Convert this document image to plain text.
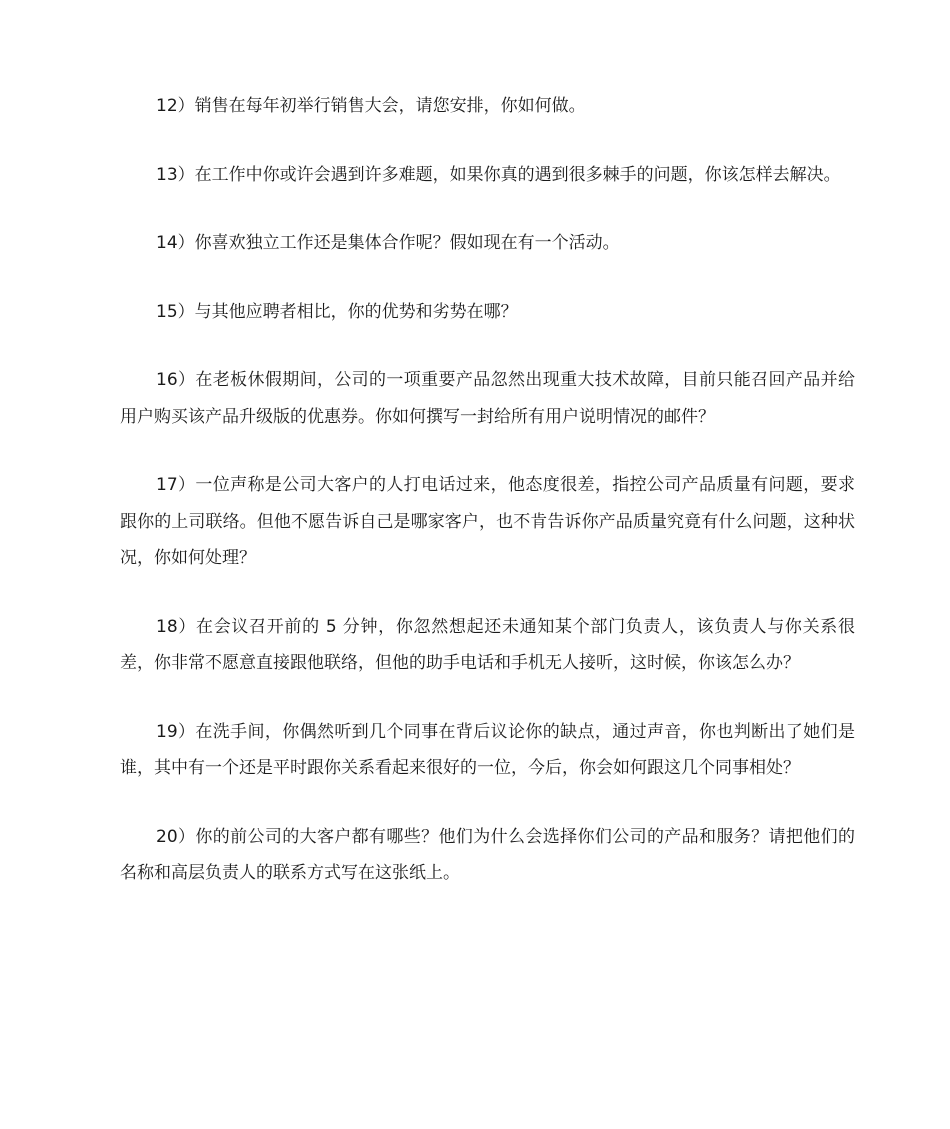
12）销售在每年初举行销售大会，请您安排，你如何做。

13）在工作中你或许会遇到许多难题，如果你真的遇到很多棘手的问题，你该怎样去解决。

14）你喜欢独立工作还是集体合作呢？假如现在有一个活动。

15）与其他应聘者相比，你的优势和劣势在哪？

16）在老板休假期间，公司的一项重要产品忽然出现重大技术故障，目前只能召回产品并给用户购买该产品升级版的优惠券。你如何撰写一封给所有用户说明情况的邮件？

17）一位声称是公司大客户的人打电话过来，他态度很差，指控公司产品质量有问题，要求跟你的上司联络。但他不愿告诉自己是哪家客户，也不肯告诉你产品质量究竟有什么问题，这种状况，你如何处理？

18）在会议召开前的 5 分钟，你忽然想起还未通知某个部门负责人，该负责人与你关系很差，你非常不愿意直接跟他联络，但他的助手电话和手机无人接听，这时候，你该怎么办？

19）在洗手间，你偶然听到几个同事在背后议论你的缺点，通过声音，你也判断出了她们是谁，其中有一个还是平时跟你关系看起来很好的一位，今后，你会如何跟这几个同事相处？

20）你的前公司的大客户都有哪些？他们为什么会选择你们公司的产品和服务？请把他们的名称和高层负责人的联系方式写在这张纸上。
